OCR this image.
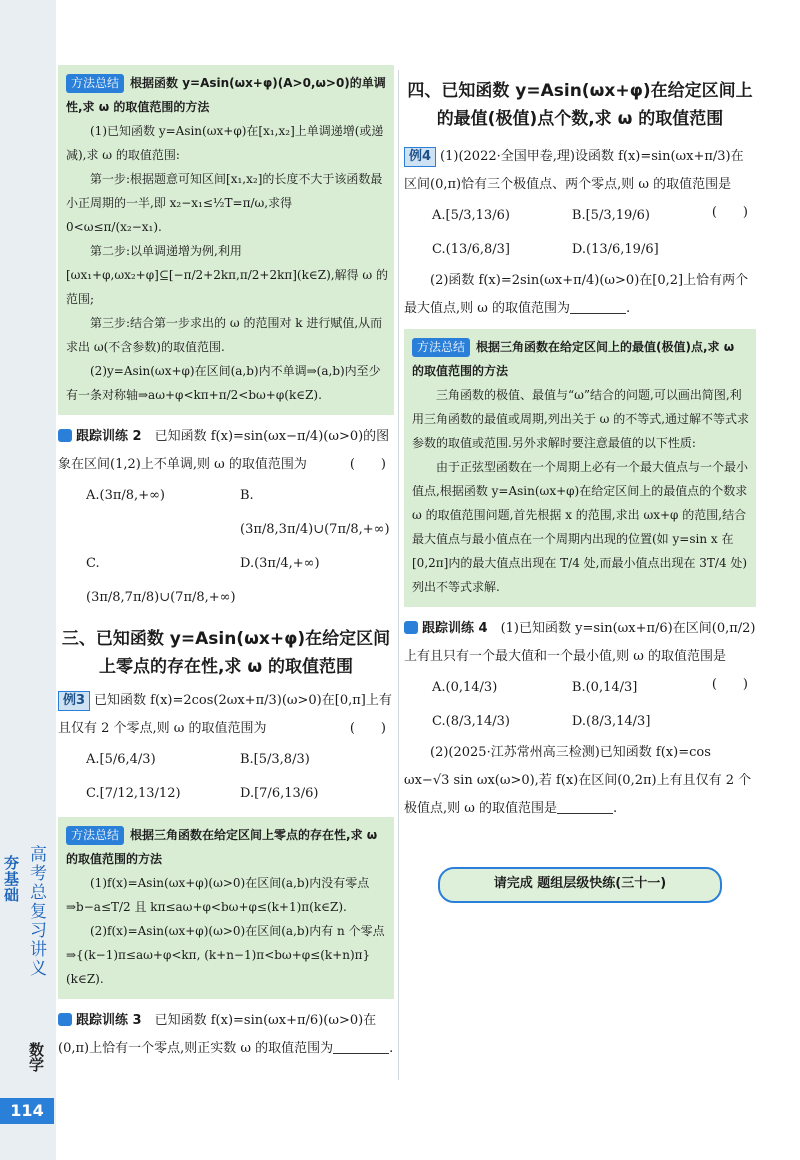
夯基础 高考总复习讲义
数学
114

方法总结 根据函数 y=Asin(ωx+φ)(A>0,ω>0)的单调性,求 ω 的取值范围的方法

(1)已知函数 y=Asin(ωx+φ)在[x₁,x₂]上单调递增(或递减),求 ω 的取值范围:

第一步:根据题意可知区间[x₁,x₂]的长度不大于该函数最小正周期的一半,即 x₂−x₁≤½T=π/ω,求得 0<ω≤π/(x₂−x₁).

第二步:以单调递增为例,利用[ωx₁+φ,ωx₂+φ]⊆[−π/2+2kπ,π/2+2kπ](k∈Z),解得 ω 的范围;

第三步:结合第一步求出的 ω 的范围对 k 进行赋值,从而求出 ω(不含参数)的取值范围.

(2)y=Asin(ωx+φ)在区间(a,b)内不单调⇒(a,b)内至少有一条对称轴⇒aω+φ<kπ+π/2<bω+φ(k∈Z).

跟踪训练 2　 已知函数 f(x)=sin(ωx−π/4)(ω>0)的图象在区间(1,2)上不单调,则 ω 的取值范围为	(　　)

A.(3π/8,+∞)	B.(3π/8,3π/4)∪(7π/8,+∞)
C.(3π/8,7π/8)∪(7π/8,+∞)
D.(3π/4,+∞)
三、已知函数 y=Asin(ωx+φ)在给定区间上零点的存在性,求 ω 的取值范围

例3 已知函数 f(x)=2cos(2ωx+π/3)(ω>0)在[0,π]上有且仅有 2 个零点,则 ω 的取值范围为	(　　)

A.[5/6,4/3)	B.[5/3,8/3)
C.[7/12,13/12)	D.[7/6,13/6)

方法总结 根据三角函数在给定区间上零点的存在性,求 ω 的取值范围的方法

(1)f(x)=Asin(ωx+φ)(ω>0)在区间(a,b)内没有零点⇒b−a≤T/2 且 kπ≤aω+φ<bω+φ≤(k+1)π(k∈Z).

(2)f(x)=Asin(ωx+φ)(ω>0)在区间(a,b)内有 n 个零点⇒{(k−1)π≤aω+φ<kπ, (k+n−1)π<bω+φ≤(k+n)π}(k∈Z).

跟踪训练 3　 已知函数 f(x)=sin(ωx+π/6)(ω>0)在(0,π)上恰有一个零点,则正实数 ω 的取值范围为	.

四、已知函数 y=Asin(ωx+φ)在给定区间上的最值(极值)点个数,求 ω 的取值范围

例4 (1)(2022·全国甲卷,理)设函数 f(x)=sin(ωx+π/3)在区间(0,π)恰有三个极值点、两个零点,则 ω 的取值范围是
(　　)

A.[5/3,13/6)	B.[5/3,19/6)
C.(13/6,8/3]	D.(13/6,19/6]
(2)函数 f(x)=2sin(ωx+π/4)(ω>0)在[0,2]上恰有两个最大值点,则 ω 的取值范围为	.

方法总结 根据三角函数在给定区间上的最值(极值)点,求 ω 的取值范围的方法

三角函数的极值、最值与“ω”结合的问题,可以画出简图,利用三角函数的最值或周期,列出关于 ω 的不等式,通过解不等式求参数的取值或范围.另外求解时要注意最值的以下性质:

由于正弦型函数在一个周期上必有一个最大值点与一个最小值点,根据函数 y=Asin(ωx+φ)在给定区间上的最值点的个数求 ω 的取值范围问题,首先根据 x 的范围,求出 ωx+φ 的范围,结合最大值点与最小值点在一个周期内出现的位置(如 y=sin x 在[0,2π]内的最大值点出现在 T/4 处,而最小值点出现在 3T/4 处)列出不等式求解.

跟踪训练 4　 (1)已知函数 y=sin(ωx+π/6)在区间(0,π/2)上有且只有一个最大值和一个最小值,则 ω 的取值范围是
(　　)

A.(0,14/3)	B.(0,14/3]
C.(8/3,14/3)	D.(8/3,14/3]
(2)(2025·江苏常州高三检测)已知函数 f(x)=cos ωx−√3 sin ωx(ω>0),若 f(x)在区间(0,2π)上有且仅有 2 个极值点,则 ω 的取值范围是	.
请完成 题组层级快练(三十一)
